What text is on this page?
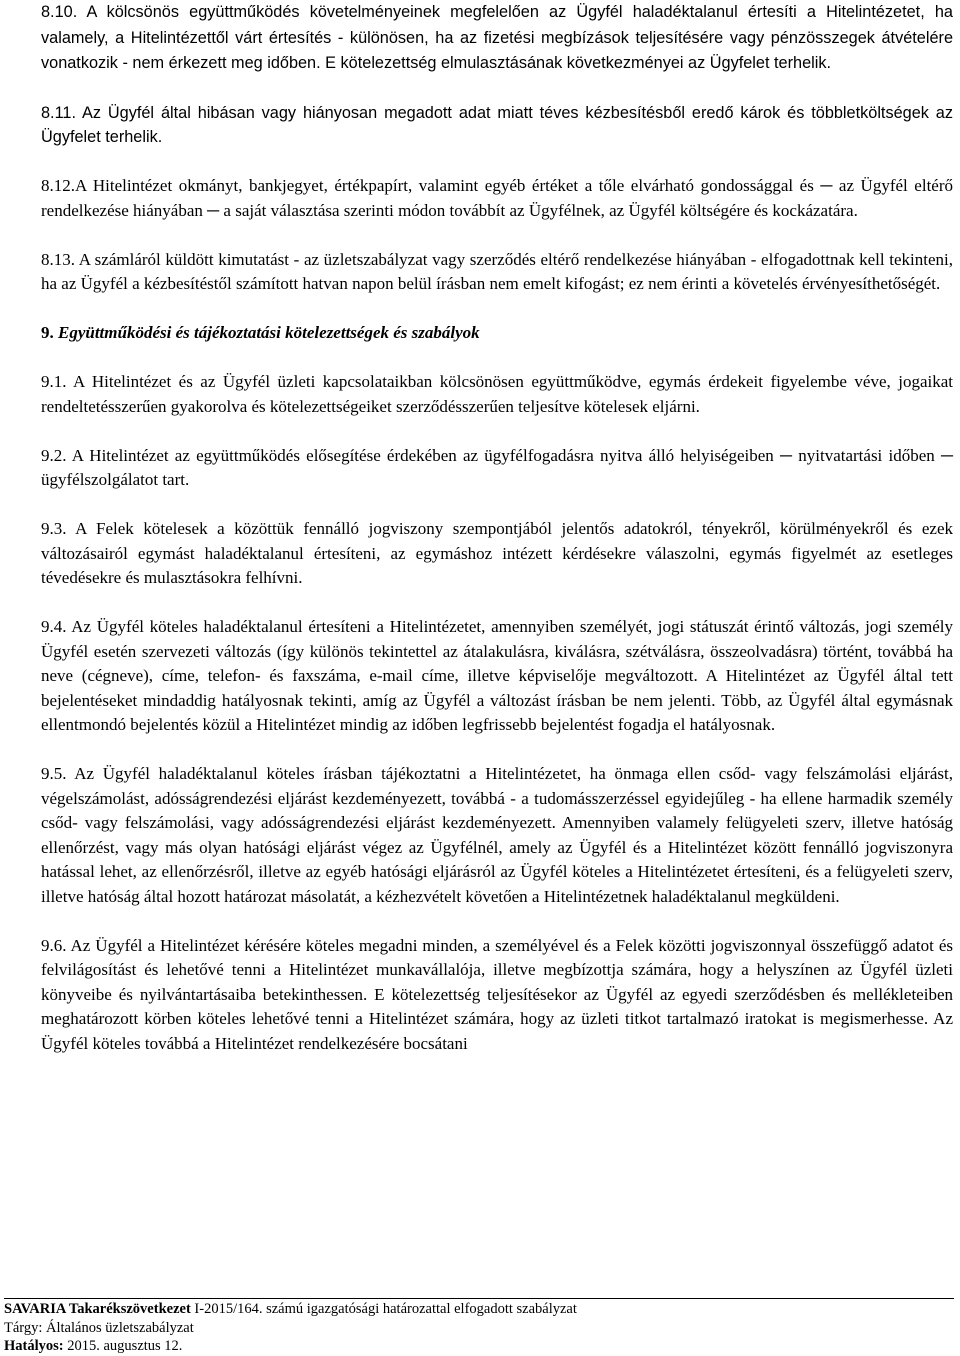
8.10. A kölcsönös együttműködés követelményeinek megfelelően az Ügyfél haladéktalanul értesíti a Hitelintézetet, ha valamely, a Hitelintézettől várt értesítés - különösen, ha az fizetési megbízások teljesítésére vagy pénzösszegek átvételére vonatkozik - nem érkezett meg időben. E kötelezettség elmulasztásának következményei az Ügyfelet terhelik.

8.11. Az Ügyfél által hibásan vagy hiányosan megadott adat miatt téves kézbesítésből eredő károk és többletköltségek az Ügyfelet terhelik.

8.12.A Hitelintézet okmányt, bankjegyet, értékpapírt, valamint egyéb értéket a tőle elvárható gondossággal és ─ az Ügyfél eltérő rendelkezése hiányában ─ a saját választása szerinti módon továbbít az Ügyfélnek, az Ügyfél költségére és kockázatára.

8.13. A számláról küldött kimutatást - az üzletszabályzat vagy szerződés eltérő rendelkezése hiányában - elfogadottnak kell tekinteni, ha az Ügyfél a kézbesítéstől számított hatvan napon belül írásban nem emelt kifogást; ez nem érinti a követelés érvényesíthetőségét.

9. Együttműködési és tájékoztatási kötelezettségek és szabályok

9.1. A Hitelintézet és az Ügyfél üzleti kapcsolataikban kölcsönösen együttműködve, egymás érdekeit figyelembe véve, jogaikat rendeltetésszerűen gyakorolva és kötelezettségeiket szerződésszerűen teljesítve kötelesek eljárni.

9.2. A Hitelintézet az együttműködés elősegítése érdekében az ügyfélfogadásra nyitva álló helyiségeiben ─ nyitvatartási időben ─ ügyfélszolgálatot tart.

9.3. A Felek kötelesek a közöttük fennálló jogviszony szempontjából jelentős adatokról, tényekről, körülményekről és ezek változásairól egymást haladéktalanul értesíteni, az egymáshoz intézett kérdésekre válaszolni, egymás figyelmét az esetleges tévedésekre és mulasztásokra felhívni.

9.4. Az Ügyfél köteles haladéktalanul értesíteni a Hitelintézetet, amennyiben személyét, jogi státuszát érintő változás, jogi személy Ügyfél esetén szervezeti változás (így különös tekintettel az átalakulásra, kiválásra, szétválásra, összeolvadásra) történt, továbbá ha neve (cégneve), címe, telefon- és faxszáma, e-mail címe, illetve képviselője megváltozott. A Hitelintézet az Ügyfél által tett bejelentéseket mindaddig hatályosnak tekinti, amíg az Ügyfél a változást írásban be nem jelenti. Több, az Ügyfél által egymásnak ellentmondó bejelentés közül a Hitelintézet mindig az időben legfrissebb bejelentést fogadja el hatályosnak.

9.5. Az Ügyfél haladéktalanul köteles írásban tájékoztatni a Hitelintézetet, ha önmaga ellen csőd- vagy felszámolási eljárást, végelszámolást, adósságrendezési eljárást kezdeményezett, továbbá - a tudomásszerzéssel egyidejűleg - ha ellene harmadik személy csőd- vagy felszámolási, vagy adósságrendezési eljárást kezdeményezett. Amennyiben valamely felügyeleti szerv, illetve hatóság ellenőrzést, vagy más olyan hatósági eljárást végez az Ügyfélnél, amely az Ügyfél és a Hitelintézet között fennálló jogviszonyra hatással lehet, az ellenőrzésről, illetve az egyéb hatósági eljárásról az Ügyfél köteles a Hitelintézetet értesíteni, és a felügyeleti szerv, illetve hatóság által hozott határozat másolatát, a kézhezvételt követően a Hitelintézetnek haladéktalanul megküldeni.

9.6. Az Ügyfél a Hitelintézet kérésére köteles megadni minden, a személyével és a Felek közötti jogviszonnyal összefüggő adatot és felvilágosítást és lehetővé tenni a Hitelintézet munkavállalója, illetve megbízottja számára, hogy a helyszínen az Ügyfél üzleti könyveibe és nyilvántartásaiba betekinthessen. E kötelezettség teljesítésekor az Ügyfél az egyedi szerződésben és mellékleteiben meghatározott körben köteles lehetővé tenni a Hitelintézet számára, hogy az üzleti titkot tartalmazó iratokat is megismerhesse. Az Ügyfél köteles továbbá a Hitelintézet rendelkezésére bocsátani

SAVARIA Takarékszövetkezet I-2015/164. számú igazgatósági határozattal elfogadott szabályzat
Tárgy: Általános üzletszabályzat
Hatályos: 2015. augusztus 12.
